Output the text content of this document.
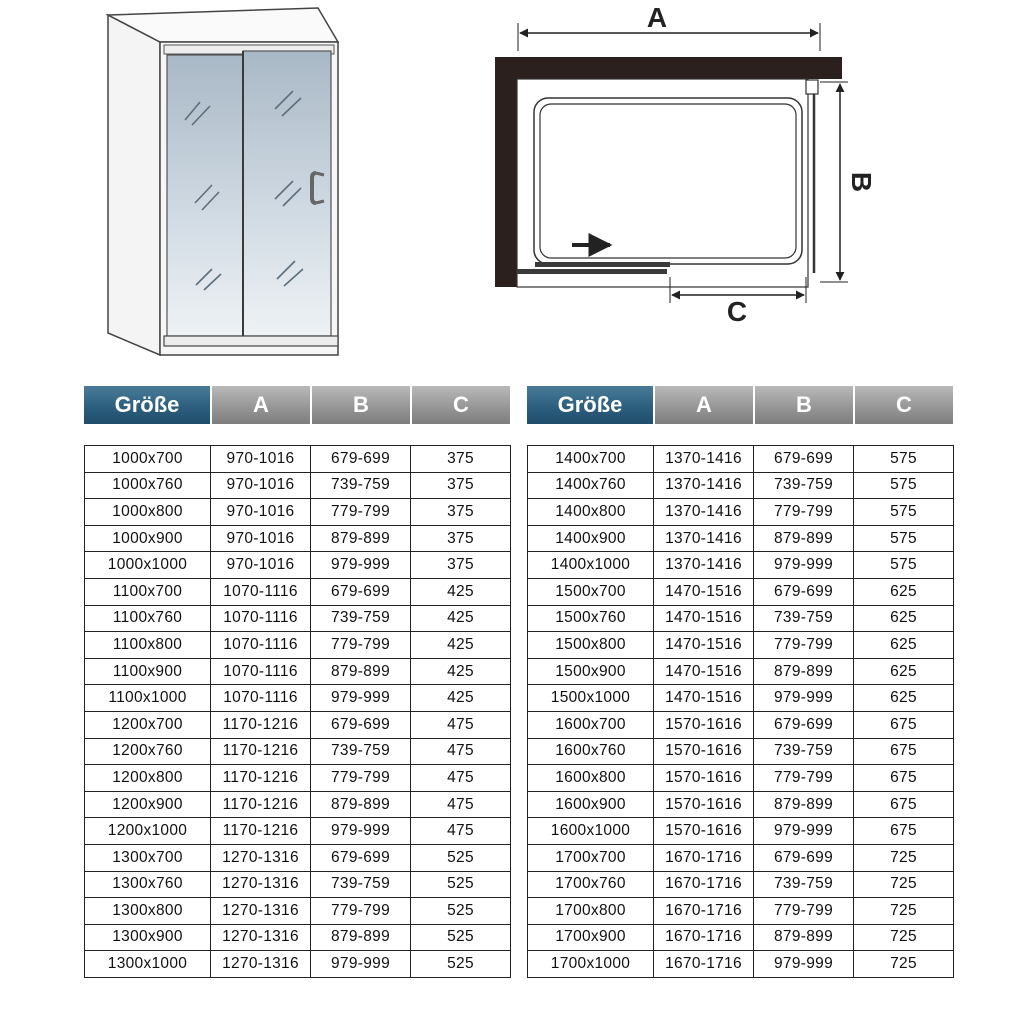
A
B
C
Größe	A	B	C
1000x700	970-1016	679-699	375
1000x760	970-1016	739-759	375
1000x800	970-1016	779-799	375
1000x900	970-1016	879-899	375
1000x1000	970-1016	979-999	375
1100x700	1070-1116	679-699	425
1100x760	1070-1116	739-759	425
1100x800	1070-1116	779-799	425
1100x900	1070-1116	879-899	425
1100x1000	1070-1116	979-999	425
1200x700	1170-1216	679-699	475
1200x760	1170-1216	739-759	475
1200x800	1170-1216	779-799	475
1200x900	1170-1216	879-899	475
1200x1000	1170-1216	979-999	475
1300x700	1270-1316	679-699	525
1300x760	1270-1316	739-759	525
1300x800	1270-1316	779-799	525
1300x900	1270-1316	879-899	525
1300x1000	1270-1316	979-999	525
Größe	A	B	C
1400x700	1370-1416	679-699	575
1400x760	1370-1416	739-759	575
1400x800	1370-1416	779-799	575
1400x900	1370-1416	879-899	575
1400x1000	1370-1416	979-999	575
1500x700	1470-1516	679-699	625
1500x760	1470-1516	739-759	625
1500x800	1470-1516	779-799	625
1500x900	1470-1516	879-899	625
1500x1000	1470-1516	979-999	625
1600x700	1570-1616	679-699	675
1600x760	1570-1616	739-759	675
1600x800	1570-1616	779-799	675
1600x900	1570-1616	879-899	675
1600x1000	1570-1616	979-999	675
1700x700	1670-1716	679-699	725
1700x760	1670-1716	739-759	725
1700x800	1670-1716	779-799	725
1700x900	1670-1716	879-899	725
1700x1000	1670-1716	979-999	725
